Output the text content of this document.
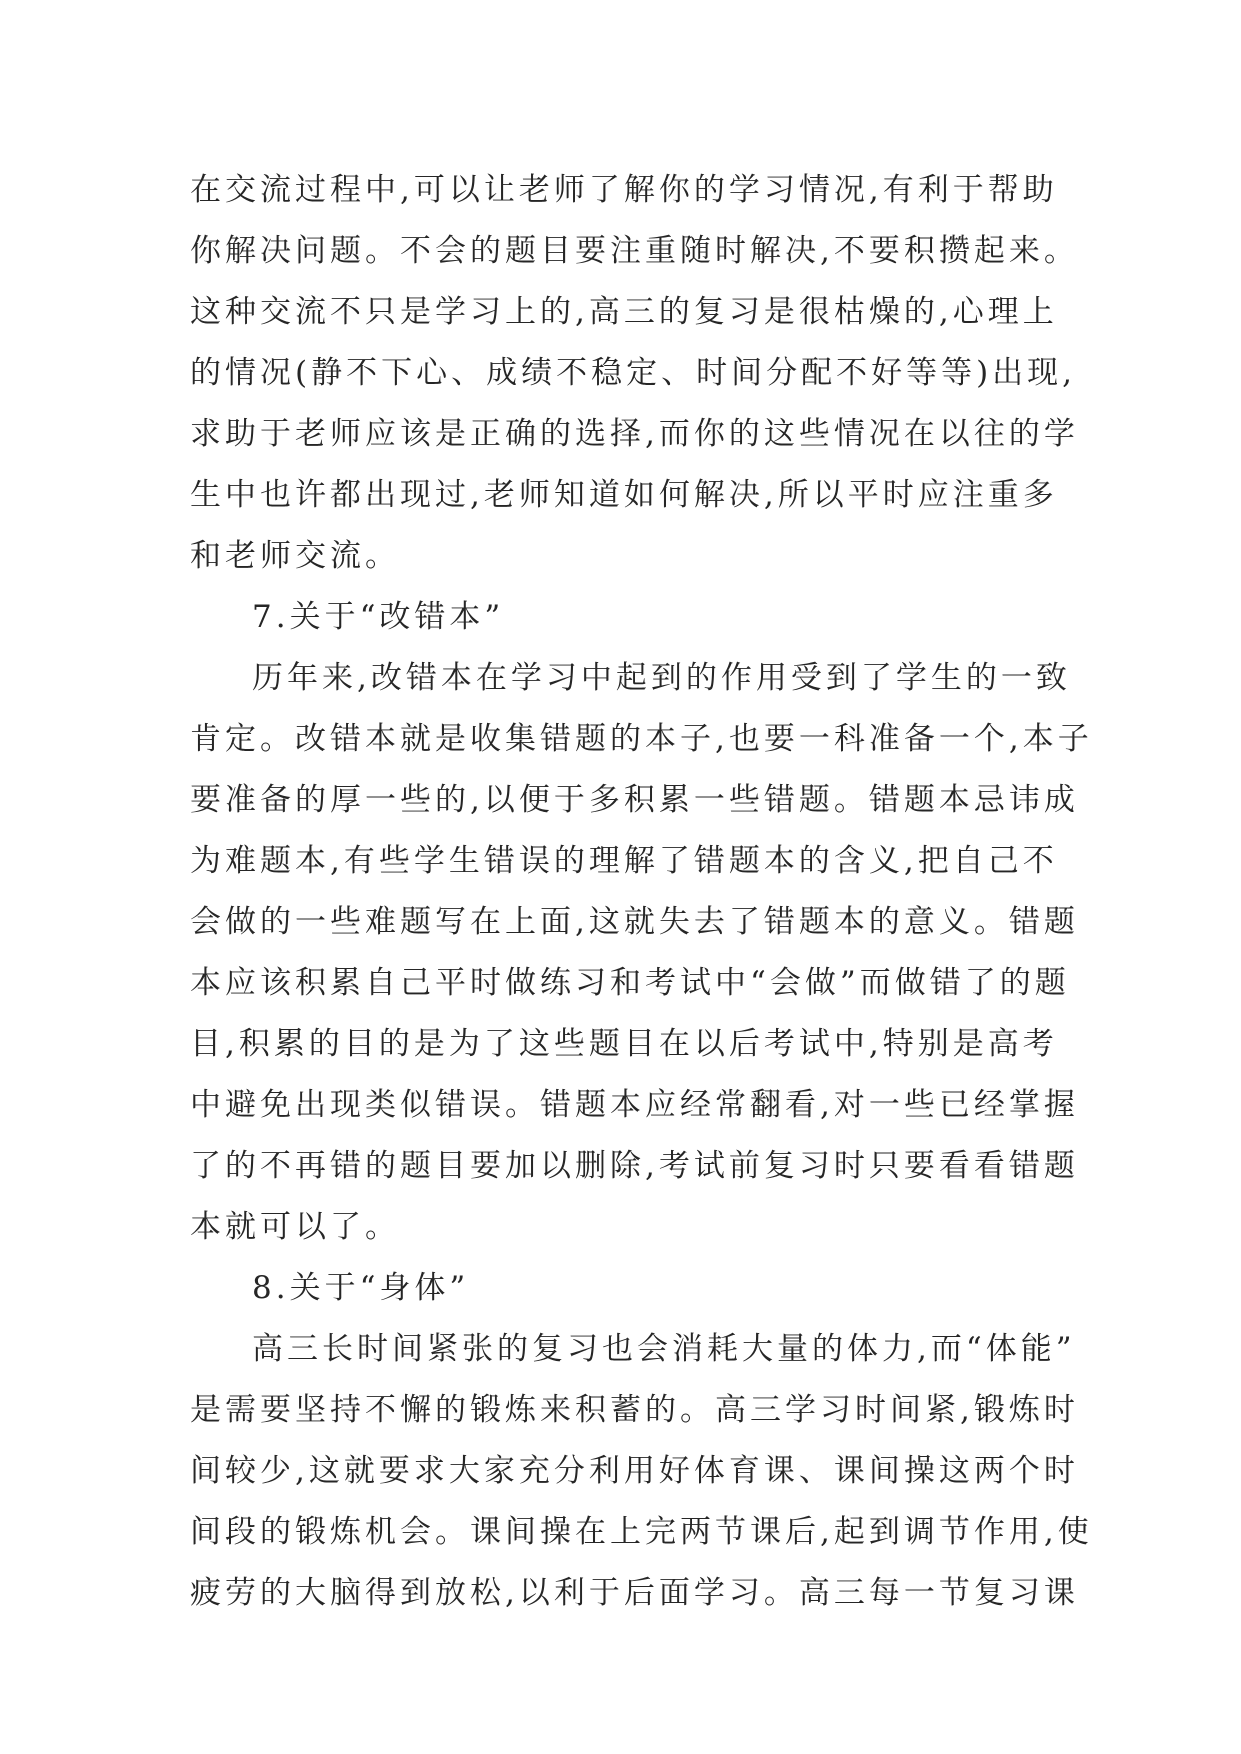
在交流过程中,可以让老师了解你的学习情况,有利于帮助
你解决问题。不会的题目要注重随时解决,不要积攒起来。
这种交流不只是学习上的,高三的复习是很枯燥的,心理上
的情况(静不下心、成绩不稳定、时间分配不好等等)出现,
求助于老师应该是正确的选择,而你的这些情况在以往的学
生中也许都出现过,老师知道如何解决,所以平时应注重多
和老师交流。
7.关于“改错本”
历年来,改错本在学习中起到的作用受到了学生的一致
肯定。改错本就是收集错题的本子,也要一科准备一个,本子
要准备的厚一些的,以便于多积累一些错题。错题本忌讳成
为难题本,有些学生错误的理解了错题本的含义,把自己不
会做的一些难题写在上面,这就失去了错题本的意义。错题
本应该积累自己平时做练习和考试中“会做”而做错了的题
目,积累的目的是为了这些题目在以后考试中,特别是高考
中避免出现类似错误。错题本应经常翻看,对一些已经掌握
了的不再错的题目要加以删除,考试前复习时只要看看错题
本就可以了。
8.关于“身体”
高三长时间紧张的复习也会消耗大量的体力,而“体能”
是需要坚持不懈的锻炼来积蓄的。高三学习时间紧,锻炼时
间较少,这就要求大家充分利用好体育课、课间操这两个时
间段的锻炼机会。课间操在上完两节课后,起到调节作用,使
疲劳的大脑得到放松,以利于后面学习。高三每一节复习课
